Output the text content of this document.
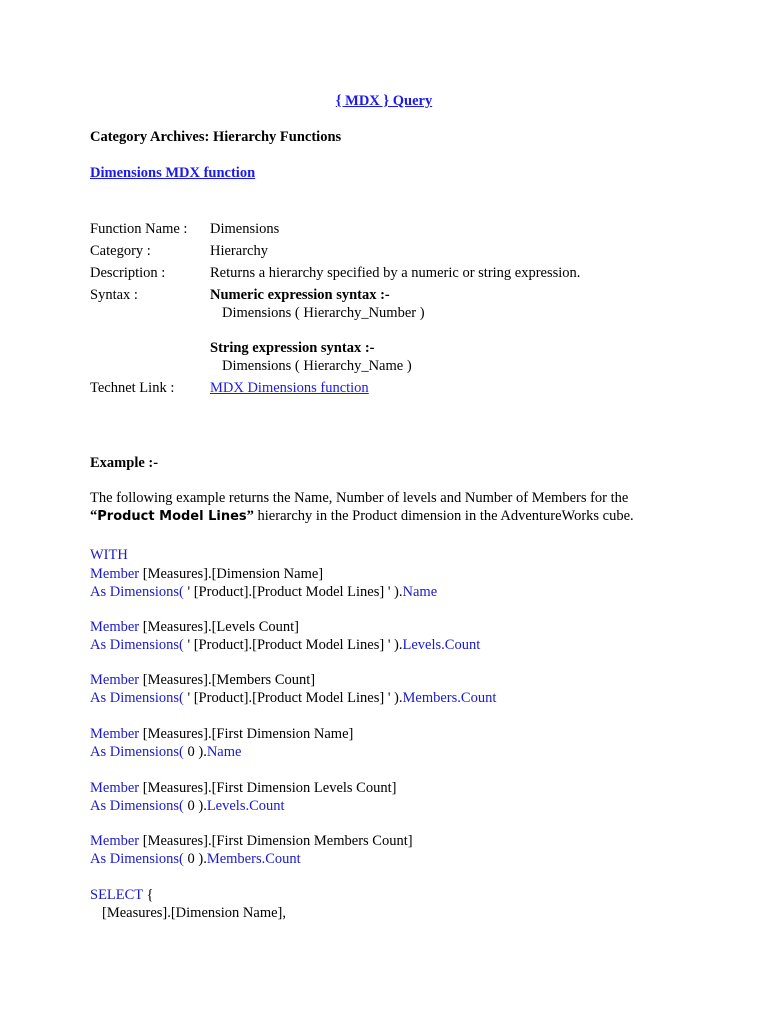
{ MDX } Query
Category Archives: Hierarchy Functions
Dimensions MDX function
Function Name :	Dimensions
Category :	Hierarchy
Description :	Returns a hierarchy specified by a numeric or string expression.
Syntax :	Numeric expression syntax :-
Dimensions ( Hierarchy_Number )
String expression syntax :-
Dimensions ( Hierarchy_Name )
Technet Link :	MDX Dimensions function
Example :-
The following example returns the Name, Number of levels and Number of Members for the
“Product Model Lines” hierarchy in the Product dimension in the AdventureWorks cube.
WITH
Member [Measures].[Dimension Name]
As Dimensions( ' [Product].[Product Model Lines] ' ).Name
Member [Measures].[Levels Count]
As Dimensions( ' [Product].[Product Model Lines] ' ).Levels.Count
Member [Measures].[Members Count]
As Dimensions( ' [Product].[Product Model Lines] ' ).Members.Count
Member [Measures].[First Dimension Name]
As Dimensions( 0 ).Name
Member [Measures].[First Dimension Levels Count]
As Dimensions( 0 ).Levels.Count
Member [Measures].[First Dimension Members Count]
As Dimensions( 0 ).Members.Count
SELECT {
[Measures].[Dimension Name],
